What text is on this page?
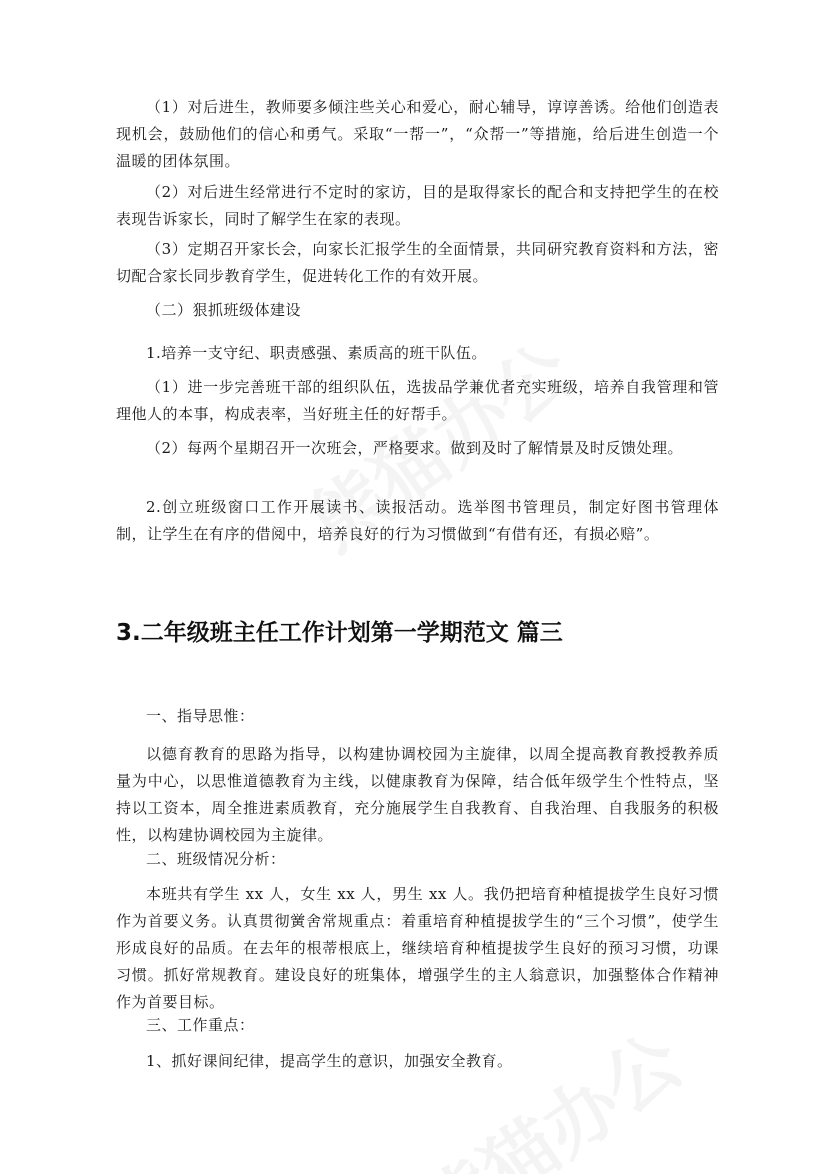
（1）对后进生，教师要多倾注些关心和爱心，耐心辅导，谆谆善诱。给他们创造表现机会，鼓励他们的信心和勇气。采取“一帮一”，“众帮一”等措施，给后进生创造一个温暖的团体氛围。

（2）对后进生经常进行不定时的家访，目的是取得家长的配合和支持把学生的在校表现告诉家长，同时了解学生在家的表现。

（3）定期召开家长会，向家长汇报学生的全面情景，共同研究教育资料和方法，密切配合家长同步教育学生，促进转化工作的有效开展。

（二）狠抓班级体建设

1.培养一支守纪、职责感强、素质高的班干队伍。

（1）进一步完善班干部的组织队伍，选拔品学兼优者充实班级，培养自我管理和管理他人的本事，构成表率，当好班主任的好帮手。

（2）每两个星期召开一次班会，严格要求。做到及时了解情景及时反馈处理。

2.创立班级窗口工作开展读书、读报活动。选举图书管理员，制定好图书管理体制，让学生在有序的借阅中，培养良好的行为习惯做到“有借有还，有损必赔”。

3.二年级班主任工作计划第一学期范文 篇三

一、指导思惟：

以德育教育的思路为指导，以构建协调校园为主旋律，以周全提高教育教授教养质量为中心，以思惟道德教育为主线，以健康教育为保障，结合低年级学生个性特点，坚持以工资本，周全推进素质教育，充分施展学生自我教育、自我治理、自我服务的积极性，以构建协调校园为主旋律。

二、班级情况分析：

本班共有学生 xx 人，女生 xx 人，男生 xx 人。我仍把培育种植提拔学生良好习惯作为首要义务。认真贯彻黉舍常规重点：着重培育种植提拔学生的“三个习惯”，使学生形成良好的品质。在去年的根蒂根底上，继续培育种植提拔学生良好的预习习惯，功课习惯。抓好常规教育。建设良好的班集体，增强学生的主人翁意识，加强整体合作精神作为首要目标。

三、工作重点：

1、抓好课间纪律，提高学生的意识，加强安全教育。
